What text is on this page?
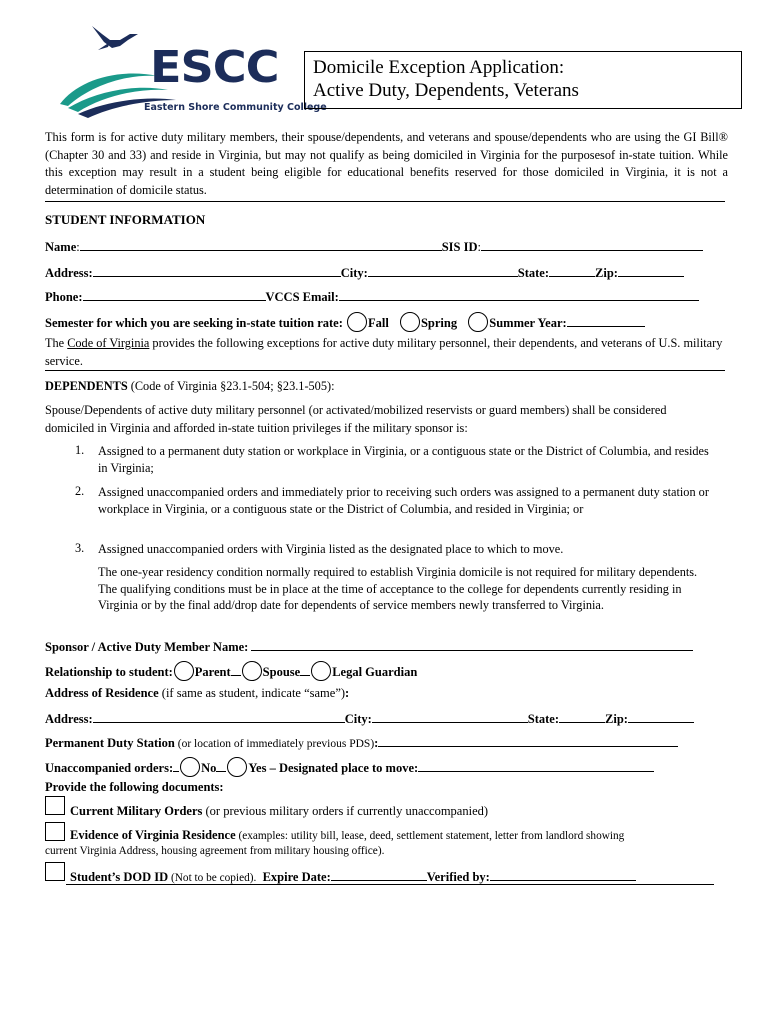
ESCC
Eastern Shore Community College
Domicile Exception Application:
Active Duty, Dependents, Veterans
This form is for active duty military members, their spouse/dependents, and veterans and spouse/dependents who are using the GI Bill® (Chapter 30 and 33) and reside in Virginia, but may not qualify as being domiciled in Virginia for the purposesof in-state tuition. While this exception may result in a student being eligible for educational benefits reserved for those domiciled in Virginia, it is not a determination of domicile status.
STUDENT INFORMATION
Name:	SIS ID:
Address:	City:	State:	Zip:
Phone:	VCCS Email:
Semester for which you are seeking in-state tuition rate: Fall	Spring	Summer Year:
The Code of Virginia provides the following exceptions for active duty military personnel, their dependents, and veterans of U.S. military service.
DEPENDENTS (Code of Virginia §23.1-504; §23.1-505):
Spouse/Dependents of active duty military personnel (or activated/mobilized reservists or guard members) shall be considered domiciled in Virginia and afforded in-state tuition privileges if the military sponsor is:
1. Assigned to a permanent duty station or workplace in Virginia, or a contiguous state or the District of Columbia, and resides in Virginia;
2. Assigned unaccompanied orders and immediately prior to receiving such orders was assigned to a permanent duty station or workplace in Virginia, or a contiguous state or the District of Columbia, and resided in Virginia; or
3. Assigned unaccompanied orders with Virginia listed as the designated place to which to move.
The one-year residency condition normally required to establish Virginia domicile is not required for military dependents. The qualifying conditions must be in place at the time of acceptance to the college for dependents currently residing in Virginia or by the final add/drop date for dependents of service members newly transferred to Virginia.
Sponsor / Active Duty Member Name:
Relationship to student: Parent	Spouse	Legal Guardian
Address of Residence (if same as student, indicate “same”):
Address:	City:	State:	Zip:
Permanent Duty Station (or location of immediately previous PDS):
Unaccompanied orders: No	Yes – Designated place to move:
Provide the following documents:
Current Military Orders (or previous military orders if currently unaccompanied)
Evidence of Virginia Residence (examples: utility bill, lease, deed, settlement statement, letter from landlord showing
current Virginia Address, housing agreement from military housing office).
Student’s DOD ID (Not to be copied). Expire Date:	Verified by:
